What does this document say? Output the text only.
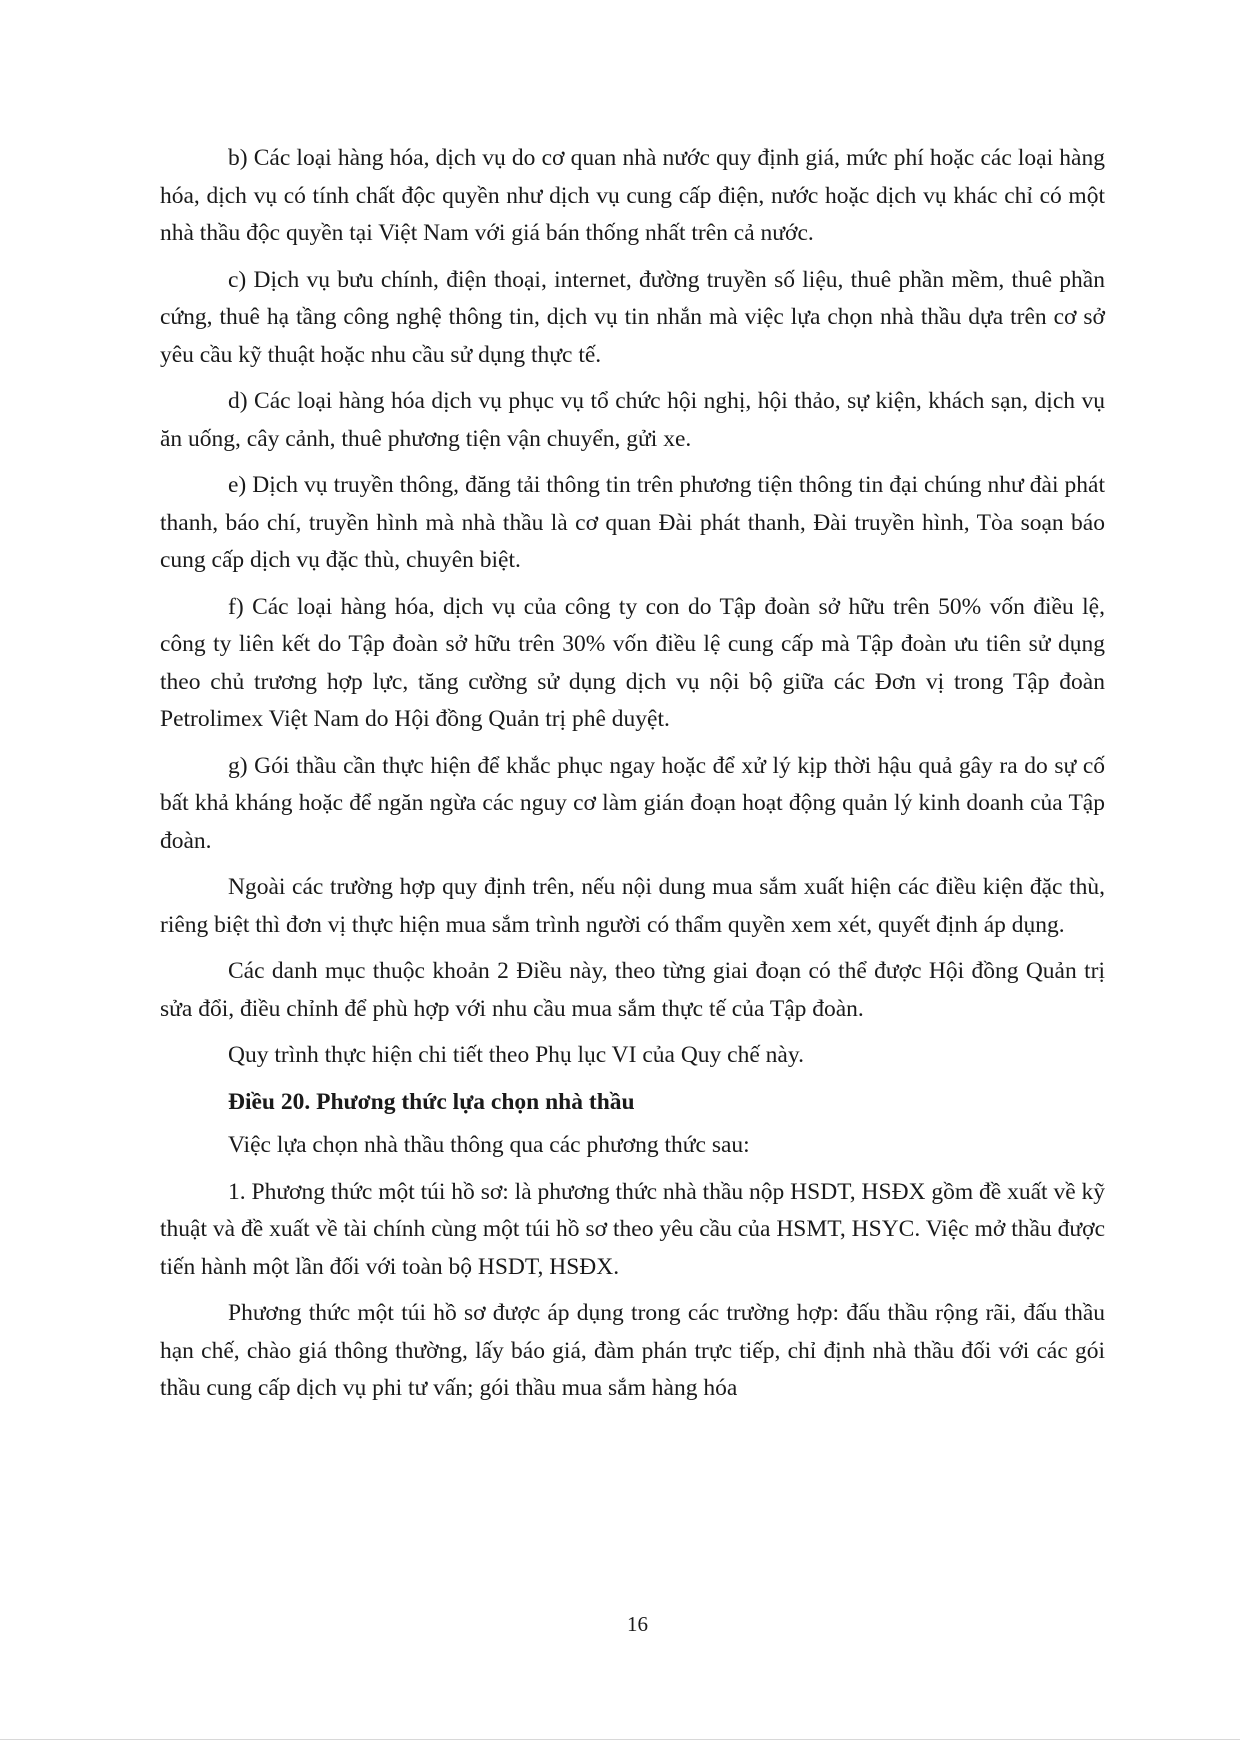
b) Các loại hàng hóa, dịch vụ do cơ quan nhà nước quy định giá, mức phí hoặc các loại hàng hóa, dịch vụ có tính chất độc quyền như dịch vụ cung cấp điện, nước hoặc dịch vụ khác chỉ có một nhà thầu độc quyền tại Việt Nam với giá bán thống nhất trên cả nước.

c) Dịch vụ bưu chính, điện thoại, internet, đường truyền số liệu, thuê phần mềm, thuê phần cứng, thuê hạ tầng công nghệ thông tin, dịch vụ tin nhắn mà việc lựa chọn nhà thầu dựa trên cơ sở yêu cầu kỹ thuật hoặc nhu cầu sử dụng thực tế.

d) Các loại hàng hóa dịch vụ phục vụ tổ chức hội nghị, hội thảo, sự kiện, khách sạn, dịch vụ ăn uống, cây cảnh, thuê phương tiện vận chuyển, gửi xe.

e) Dịch vụ truyền thông, đăng tải thông tin trên phương tiện thông tin đại chúng như đài phát thanh, báo chí, truyền hình mà nhà thầu là cơ quan Đài phát thanh, Đài truyền hình, Tòa soạn báo cung cấp dịch vụ đặc thù, chuyên biệt.

f) Các loại hàng hóa, dịch vụ của công ty con do Tập đoàn sở hữu trên 50% vốn điều lệ, công ty liên kết do Tập đoàn sở hữu trên 30% vốn điều lệ cung cấp mà Tập đoàn ưu tiên sử dụng theo chủ trương hợp lực, tăng cường sử dụng dịch vụ nội bộ giữa các Đơn vị trong Tập đoàn Petrolimex Việt Nam do Hội đồng Quản trị phê duyệt.

g) Gói thầu cần thực hiện để khắc phục ngay hoặc để xử lý kịp thời hậu quả gây ra do sự cố bất khả kháng hoặc để ngăn ngừa các nguy cơ làm gián đoạn hoạt động quản lý kinh doanh của Tập đoàn.

Ngoài các trường hợp quy định trên, nếu nội dung mua sắm xuất hiện các điều kiện đặc thù, riêng biệt thì đơn vị thực hiện mua sắm trình người có thẩm quyền xem xét, quyết định áp dụng.

Các danh mục thuộc khoản 2 Điều này, theo từng giai đoạn có thể được Hội đồng Quản trị sửa đổi, điều chỉnh để phù hợp với nhu cầu mua sắm thực tế của Tập đoàn.

Quy trình thực hiện chi tiết theo Phụ lục VI của Quy chế này.

Điều 20. Phương thức lựa chọn nhà thầu

Việc lựa chọn nhà thầu thông qua các phương thức sau:

1. Phương thức một túi hồ sơ: là phương thức nhà thầu nộp HSDT, HSĐX gồm đề xuất về kỹ thuật và đề xuất về tài chính cùng một túi hồ sơ theo yêu cầu của HSMT, HSYC. Việc mở thầu được tiến hành một lần đối với toàn bộ HSDT, HSĐX.

Phương thức một túi hồ sơ được áp dụng trong các trường hợp: đấu thầu rộng rãi, đấu thầu hạn chế, chào giá thông thường, lấy báo giá, đàm phán trực tiếp, chỉ định nhà thầu đối với các gói thầu cung cấp dịch vụ phi tư vấn; gói thầu mua sắm hàng hóa

16
